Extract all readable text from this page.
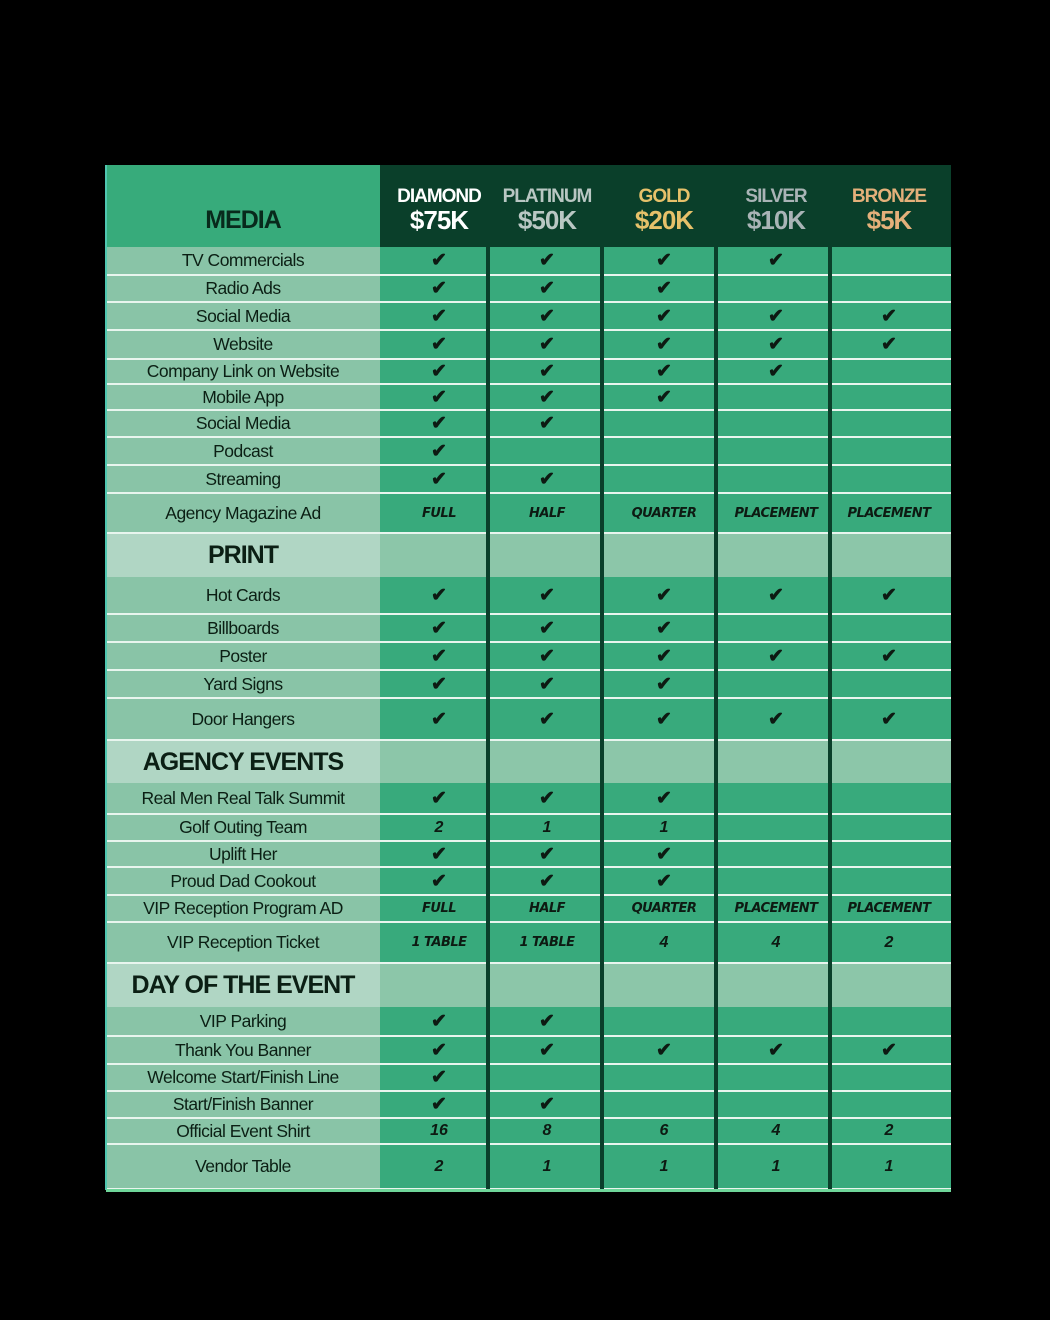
MEDIA
DIAMOND
$75K
PLATINUM
$50K
GOLD
$20K
SILVER
$10K
BRONZE
$5K
TV Commercials	✔	✔	✔	✔
Radio Ads	✔	✔	✔
Social Media	✔	✔	✔	✔	✔
Website	✔	✔	✔	✔	✔
Company Link on Website	✔	✔	✔	✔
Mobile App	✔	✔	✔
Social Media	✔	✔
Podcast	✔
Streaming	✔	✔
Agency Magazine Ad	FULL	HALF	QUARTER	PLACEMENT	PLACEMENT
PRINT
Hot Cards	✔	✔	✔	✔	✔
Billboards	✔	✔	✔
Poster	✔	✔	✔	✔	✔
Yard Signs	✔	✔	✔
Door Hangers	✔	✔	✔	✔	✔
AGENCY EVENTS
Real Men Real Talk Summit	✔	✔	✔
Golf Outing Team	2	1	1
Uplift Her	✔	✔	✔
Proud Dad Cookout	✔	✔	✔
VIP Reception Program AD	FULL	HALF	QUARTER	PLACEMENT	PLACEMENT
VIP Reception Ticket	1 TABLE	1 TABLE	4	4	2
DAY OF THE EVENT
VIP Parking	✔	✔
Thank You Banner	✔	✔	✔	✔	✔
Welcome Start/Finish Line	✔
Start/Finish Banner	✔	✔
Official Event Shirt	16	8	6	4	2
Vendor Table	2	1	1	1	1
